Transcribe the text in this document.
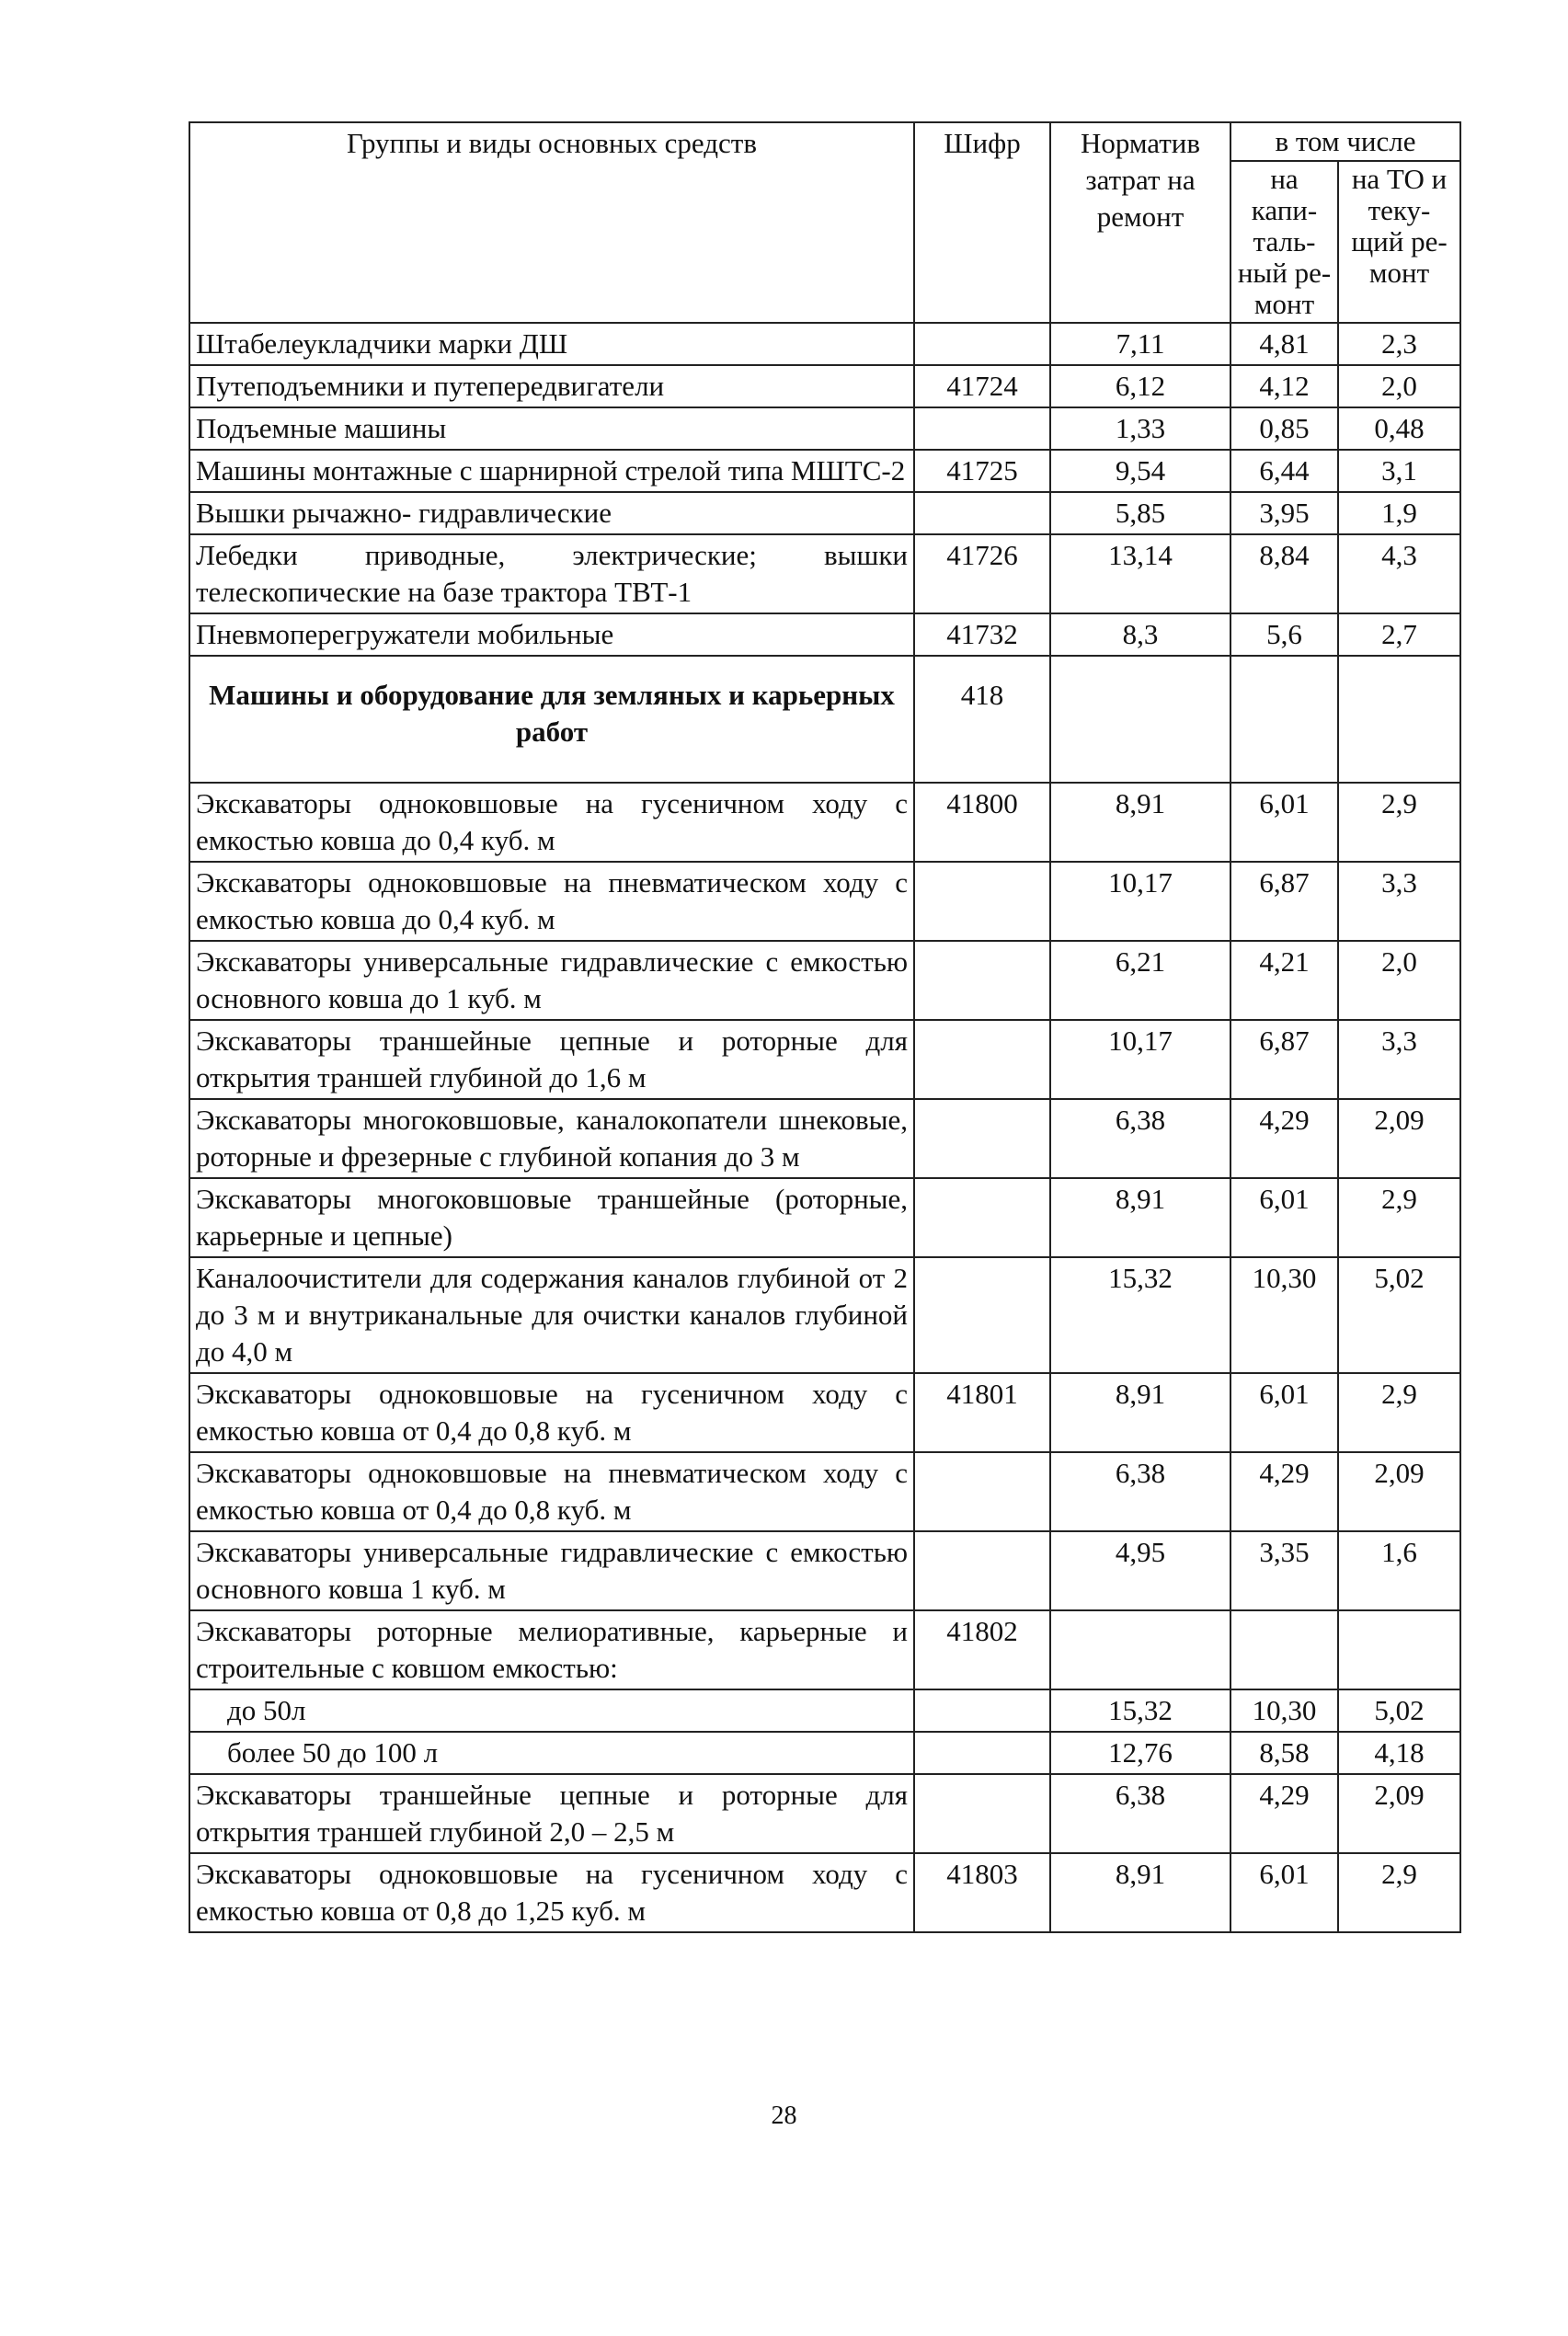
Группы и виды основных средств	Шифр	Норматив затрат на ремонт	в том числе	
			на капи-таль-ный ре-монт	на ТО и теку-щий ре-монт
Штабелеукладчики марки ДШ		7,11	4,81	2,3
Путеподъемники и путепередвигатели	41724	6,12	4,12	2,0
Подъемные машины		1,33	0,85	0,48
Машины монтажные с шарнирной стрелой типа МШТС-2	41725	9,54	6,44	3,1
Вышки рычажно- гидравлические		5,85	3,95	1,9
Лебедки приводные, электрические; вышки телескопические на базе трактора ТВТ-1	41726	13,14	8,84	4,3
Пневмоперегружатели мобильные	41732	8,3	5,6	2,7
Машины и оборудование для земляных и карьерных работ	418			
Экскаваторы одноковшовые на гусеничном ходу с емкостью ковша до 0,4 куб. м	41800	8,91	6,01	2,9
Экскаваторы одноковшовые на пневматическом ходу с емкостью ковша до 0,4 куб. м		10,17	6,87	3,3
Экскаваторы универсальные гидравлические с емкостью основного ковша до 1 куб. м		6,21	4,21	2,0
Экскаваторы траншейные цепные и роторные для открытия траншей глубиной до 1,6 м		10,17	6,87	3,3
Экскаваторы многоковшовые, каналокопатели шнековые, роторные и фрезерные с глубиной копания до 3 м		6,38	4,29	2,09
Экскаваторы многоковшовые траншейные (роторные, карьерные и цепные)		8,91	6,01	2,9
Каналоочистители для содержания каналов глубиной от 2 до 3 м и внутриканальные для очистки каналов глубиной до 4,0 м		15,32	10,30	5,02
Экскаваторы одноковшовые на гусеничном ходу с емкостью ковша от 0,4 до 0,8 куб. м	41801	8,91	6,01	2,9
Экскаваторы одноковшовые на пневматическом ходу с емкостью ковша от 0,4 до 0,8 куб. м		6,38	4,29	2,09
Экскаваторы универсальные гидравлические с емкостью основного ковша 1 куб. м		4,95	3,35	1,6
Экскаваторы роторные мелиоративные, карьерные и строительные с ковшом емкостью:	41802			
до 50л		15,32	10,30	5,02
более 50 до 100 л		12,76	8,58	4,18
Экскаваторы траншейные цепные и роторные для открытия траншей глубиной 2,0 – 2,5 м		6,38	4,29	2,09
Экскаваторы одноковшовые на гусеничном ходу с емкостью ковша от 0,8 до 1,25 куб. м	41803	8,91	6,01	2,9
28
